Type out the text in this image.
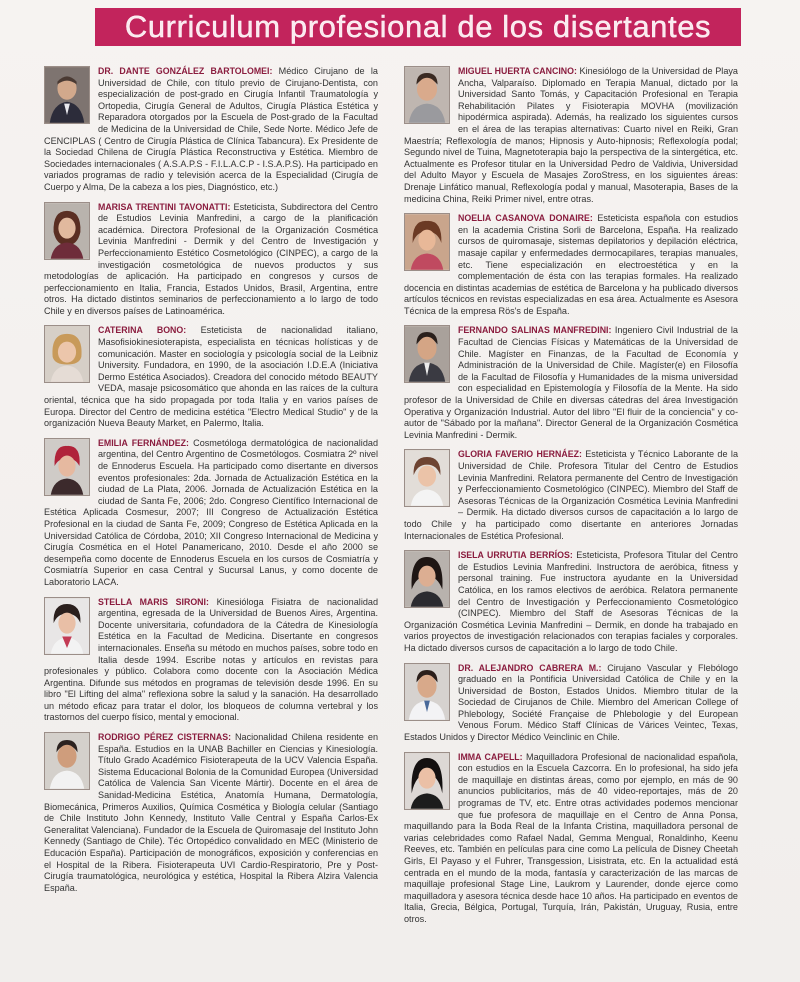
Curriculum profesional de los disertantes
DR. DANTE GONZÁLEZ BARTOLOMEI: Médico Cirujano de la Universidad de Chile, con título previo de Cirujano-Dentista, con especialización de post-grado en Cirugía Infantil Traumatología y Ortopedia, Cirugía General de Adultos, Cirugía Plástica Estética y Reparadora otorgados por la Escuela de Post-grado de la Facultad de Medicina de la Universidad de Chile, Sede Norte. Médico Jefe de CENCIPLAS ( Centro de Cirugía Plástica de Clínica Tabancura). Ex Presidente de la Sociedad Chilena de Cirugía Plástica Reconstructiva y Estética. Miembro de Sociedades internacionales ( A.S.A.P.S - F.I.L.A.C.P - I.S.A.P.S). Ha participado en variados programas de radio y televisión acerca de la Especialidad (Cirugía de Cuerpo y Alma, De la cabeza a los pies, Diagnóstico, etc.)
MARISA TRENTINI TAVONATTI: Esteticista, Subdirectora del Centro de Estudios Levinia Manfredini, a cargo de la planificación académica. Directora Profesional de la Organización Cosmética Levinia Manfredini - Dermik y del Centro de Investigación y Perfeccionamiento Estético Cosmetológico (CINPEC), a cargo de la investigación cosmetológica de nuevos productos y sus metodologías de aplicación. Ha participado en congresos y cursos de perfeccionamiento en Italia, Francia, Estados Unidos, Brasil, Argentina, entre otros. Ha dictado distintos seminarios de perfeccionamiento a lo largo de todo Chile y en diversos países de Latinoamérica.
CATERINA BONO: Esteticista de nacionalidad italiano, Masofisiokinesioterapista, especialista en técnicas holísticas y de comunicación. Master en sociología y psicología social de la Leibniz University. Fundadora, en 1990, de la asociación I.D.E.A (Iniciativa Dermo Estética Asociados). Creadora del conocido método BEAUTY VEDA, masaje psicosomático que ahonda en las raíces de la cultura oriental, técnica que ha sido propagada por toda Italia y en varios países de Europa. Director del Centro de medicina estética "Electro Medical Studio" y de la organización Nueva Beauty Market, en Palermo, Italia.
EMILIA FERNÁNDEZ: Cosmetóloga dermatológica de nacionalidad argentina, del Centro Argentino de Cosmetólogos. Cosmiatra 2º nivel de Ennoderus Escuela. Ha participado como disertante en diversos eventos profesionales: 2da. Jornada de Actualización Estética en la ciudad de La Plata, 2006. Jornada de Actualización Estética en la ciudad de Santa Fe, 2006; 2do. Congreso Científico Internacional de Estética Aplicada Cosmesur, 2007; III Congreso de Actualización Estética Profesional en la ciudad de Santa Fe, 2009; Congreso de Estética Aplicada en la Universidad Católica de Córdoba, 2010; XII Congreso Internacional de Medicina y Cirugía Cosmética en el Hotel Panamericano, 2010. Desde el año 2000 se desempeña como docente de Ennoderus Escuela en los cursos de Cosmiatría y Cosmiatría Superior en casa Central y Sucursal Lanus, y como docente de Laboratorio LACA.
STELLA MARIS SIRONI: Kinesióloga Fisiatra de nacionalidad argentina, egresada de la Universidad de Buenos Aires, Argentina. Docente universitaria, cofundadora de la Cátedra de Kinesiología Estética en la Facultad de Medicina. Disertante en congresos internacionales. Enseña su método en muchos países, sobre todo en Italia desde 1994. Escribe notas y artículos en revistas para profesionales y público. Colabora como docente con la Asociación Médica Argentina. Difunde sus métodos en programas de televisión desde 1996. En su libro "El Lifting del alma" reflexiona sobre la salud y la sanación. Ha desarrollado un método eficaz para tratar el dolor, los bloqueos de columna vertebral y los trastornos del cuerpo físico, mental y emocional.
RODRIGO PÉREZ CISTERNAS: Nacionalidad Chilena residente en España. Estudios en la UNAB Bachiller en Ciencias y Kinesiología. Título Grado Académico Fisioterapeuta de la UCV Valencia España. Sistema Educacional Bolonia de la Comunidad Europea (Universidad Católica de Valencia San Vicente Mártir). Docente en el área de Sanidad-Medicina Estética, Anatomía Humana, Dermatología, Biomecánica, Primeros Auxilios, Química Cosmética y Biología celular (Santiago de Chile Instituto John Kennedy, Instituto Valle Central y España Carlos-Ex Generalitat Valenciana). Fundador de la Escuela de Quiromasaje del Instituto John Kennedy (Santiago de Chile). Téc Ortopédico convalidado en MEC (Ministerio de Educación España). Participación de monográficos, exposición y conferencias en el Hospital de la Ribera. Fisioterapeuta UVI Cardio-Respiratorio, Pre y Post-Cirugía traumatológica, neurológica y estética, Hospital la Ribera Alzira Valencia España.
MIGUEL HUERTA CANCINO: Kinesiólogo de la Universidad de Playa Ancha, Valparaíso. Diplomado en Terapia Manual, dictado por la Universidad Santo Tomás, y Capacitación Profesional en Terapia Rehabilitación Pilates y Fisioterapia MOVHA (movilización hipodérmica aspirada). Además, ha realizado los siguientes cursos en el área de las terapias alternativas: Cuarto nivel en Reiki, Gran Maestría; Reflexología de manos; Hipnosis y Auto-hipnosis; Reflexología podal; Segundo nivel de Tuina, Magnetoterapia bajo la perspectiva de la sintergética, etc. Actualmente es Profesor titular en la Universidad Pedro de Valdivia, Universidad del Adulto Mayor y Escuela de Masajes ZoroStress, en los siguientes áreas: Drenaje Linfático manual, Reflexología podal y manual, Masoterapia, Bases de la medicina China, Reiki Primer nivel, entre otras.
NOELIA CASANOVA DONAIRE: Esteticista española con estudios en la academia Cristina Sorli de Barcelona, España. Ha realizado cursos de quiromasaje, sistemas depilatorios y depilación eléctrica, masaje capilar y enfermedades dermocapilares, terapias manuales, etc. Tiene especialización en electroestética y en la complementación de ésta con las terapias formales. Ha realizado docencia en distintas academias de estética de Barcelona y ha publicado diversos artículos técnicos en revistas especializadas en esa área. Actualmente es Asesora Técnica de la empresa Rös's de España.
FERNANDO SALINAS MANFREDINI: Ingeniero Civil Industrial de la Facultad de Ciencias Físicas y Matemáticas de la Universidad de Chile. Magíster en Finanzas, de la Facultad de Economía y Administración de la Universidad de Chile. Magíster(e) en Filosofía de la Facultad de Filosofía y Humanidades de la misma universidad con especialidad en Epistemología y Filosofía de la Mente. Ha sido profesor de la Universidad de Chile en diversas cátedras del área Investigación Operativa y Organización Industrial. Autor del libro "El fluir de la conciencia" y co-autor de "Sábado por la mañana". Director General de la Organización Cosmética Levinia Manfredini - Dermik.
GLORIA FAVERIO HERNÁEZ: Esteticista y Técnico Laborante de la Universidad de Chile. Profesora Titular del Centro de Estudios Levinia Manfredini. Relatora permanente del Centro de Investigación y Perfeccionamiento Cosmetológico (CINPEC). Miembro del Staff de Asesoras Técnicas de la Organización Cosmética Levinia Manfredini – Dermik. Ha dictado diversos cursos de capacitación a lo largo de todo Chile y ha participado como disertante en anteriores Jornadas Internacionales de Estética Profesional.
ISELA URRUTIA BERRÍOS: Esteticista, Profesora Titular del Centro de Estudios Levinia Manfredini. Instructora de aeróbica, fitness y personal training. Fue instructora ayudante en la Universidad Católica, en los ramos electivos de aeróbica. Relatora permanente del Centro de Investigación y Perfeccionamiento Cosmetológico (CINPEC). Miembro del Staff de Asesoras Técnicas de la Organización Cosmética Levinia Manfredini – Dermik, en donde ha trabajado en varios proyectos de investigación relacionados con terapias faciales y corporales. Ha dictado diversos cursos de capacitación a lo largo de todo Chile.
DR. ALEJANDRO CABRERA M.: Cirujano Vascular y Flebólogo graduado en la Pontificia Universidad Católica de Chile y en la Universidad de Boston, Estados Unidos. Miembro titular de la Sociedad de Cirujanos de Chile. Miembro del American College of Phlebology, Société Française de Phlebologie y del European Venous Forum. Médico Staff Clínicas de Várices Veintec, Texas, Estados Unidos y Director Médico Veinclinic en Chile.
IMMA CAPELL: Maquilladora Profesional de nacionalidad española, con estudios en la Escuela Cazcorra. En lo profesional, ha sido jefa de maquillaje en distintas áreas, como por ejemplo, en más de 90 anuncios publicitarios, más de 40 video-reportajes, más de 20 programas de TV, etc. Entre otras actividades podemos mencionar que fue profesora de maquillaje en el Centro de Anna Ponsa, maquillando para la Boda Real de la Infanta Cristina, maquilladora personal de varias celebridades como Rafael Nadal, Gemma Mengual, Ronaldinho, Keenu Reeves, etc. También en películas para cine como La película de Disney Cheetah Girls, El Payaso y el Fuhrer, Transgession, Lisistrata, etc. En la actualidad está centrada en el mundo de la moda, fantasía y caracterización de las marcas de maquillaje profesional Stage Line, Laukrom y Laurender, donde ejerce como maquilladora y asesora técnica desde hace 10 años. Ha participado en eventos de Italia, Grecia, Bélgica, Portugal, Turquía, Irán, Pakistán, Uruguay, Rusia, entre otros.
